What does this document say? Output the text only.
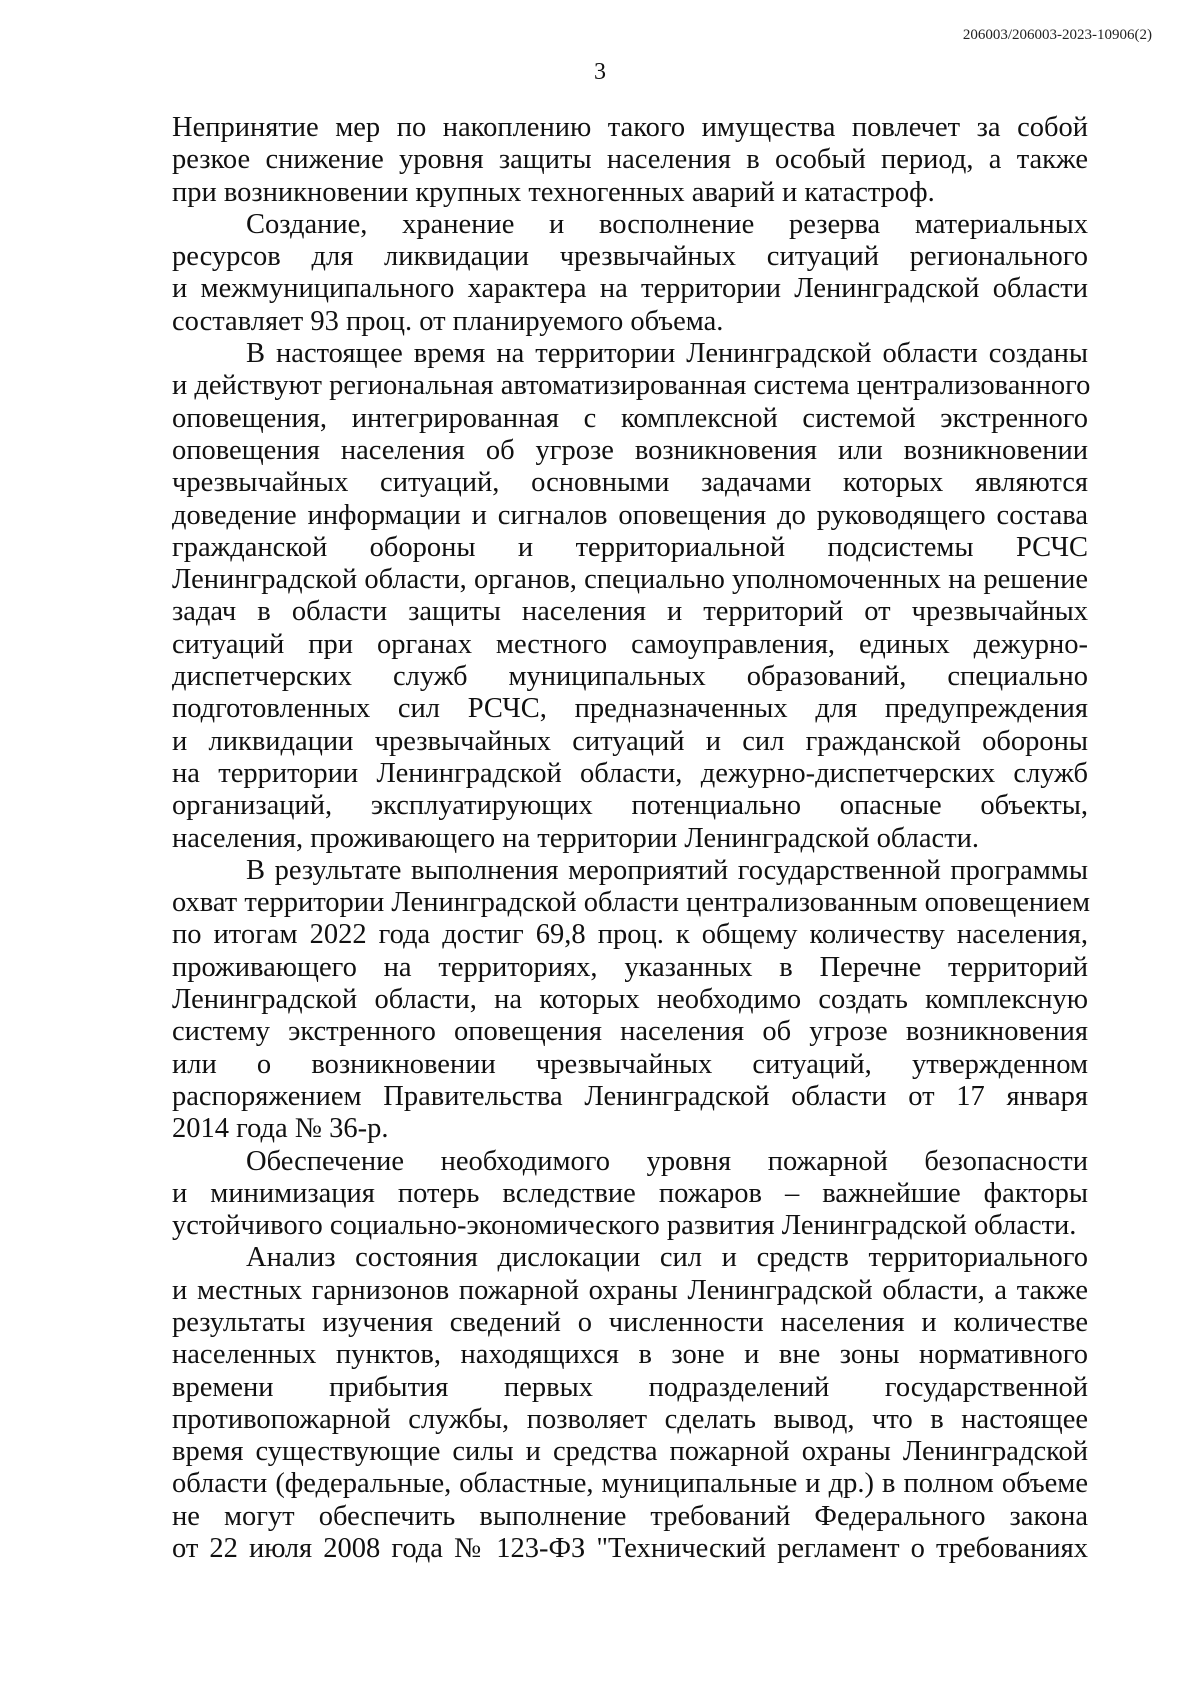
206003/206003-2023-10906(2)
3
Непринятие мер по накоплению такого имущества повлечет за собой
резкое снижение уровня защиты населения в особый период, а также
при возникновении крупных техногенных аварий и катастроф.
Создание, хранение и восполнение резерва материальных
ресурсов для ликвидации чрезвычайных ситуаций регионального
и межмуниципального характера на территории Ленинградской области
составляет 93 проц. от планируемого объема.
В настоящее время на территории Ленинградской области созданы
и действуют региональная автоматизированная система централизованного
оповещения, интегрированная с комплексной системой экстренного
оповещения населения об угрозе возникновения или возникновении
чрезвычайных ситуаций, основными задачами которых являются
доведение информации и сигналов оповещения до руководящего состава
гражданской обороны и территориальной подсистемы РСЧС
Ленинградской области, органов, специально уполномоченных на решение
задач в области защиты населения и территорий от чрезвычайных
ситуаций при органах местного самоуправления, единых дежурно-
диспетчерских служб муниципальных образований, специально
подготовленных сил РСЧС, предназначенных для предупреждения
и ликвидации чрезвычайных ситуаций и сил гражданской обороны
на территории Ленинградской области, дежурно-диспетчерских служб
организаций, эксплуатирующих потенциально опасные объекты,
населения, проживающего на территории Ленинградской области.
В результате выполнения мероприятий государственной программы
охват территории Ленинградской области централизованным оповещением
по итогам 2022 года достиг 69,8 проц. к общему количеству населения,
проживающего на территориях, указанных в Перечне территорий
Ленинградской области, на которых необходимо создать комплексную
систему экстренного оповещения населения об угрозе возникновения
или о возникновении чрезвычайных ситуаций, утвержденном
распоряжением Правительства Ленинградской области от 17 января
2014 года № 36-р.
Обеспечение необходимого уровня пожарной безопасности
и минимизация потерь вследствие пожаров – важнейшие факторы
устойчивого социально-экономического развития Ленинградской области.
Анализ состояния дислокации сил и средств территориального
и местных гарнизонов пожарной охраны Ленинградской области, а также
результаты изучения сведений о численности населения и количестве
населенных пунктов, находящихся в зоне и вне зоны нормативного
времени прибытия первых подразделений государственной
противопожарной службы, позволяет сделать вывод, что в настоящее
время существующие силы и средства пожарной охраны Ленинградской
области (федеральные, областные, муниципальные и др.) в полном объеме
не могут обеспечить выполнение требований Федерального закона
от 22 июля 2008 года № 123-ФЗ "Технический регламент о требованиях
